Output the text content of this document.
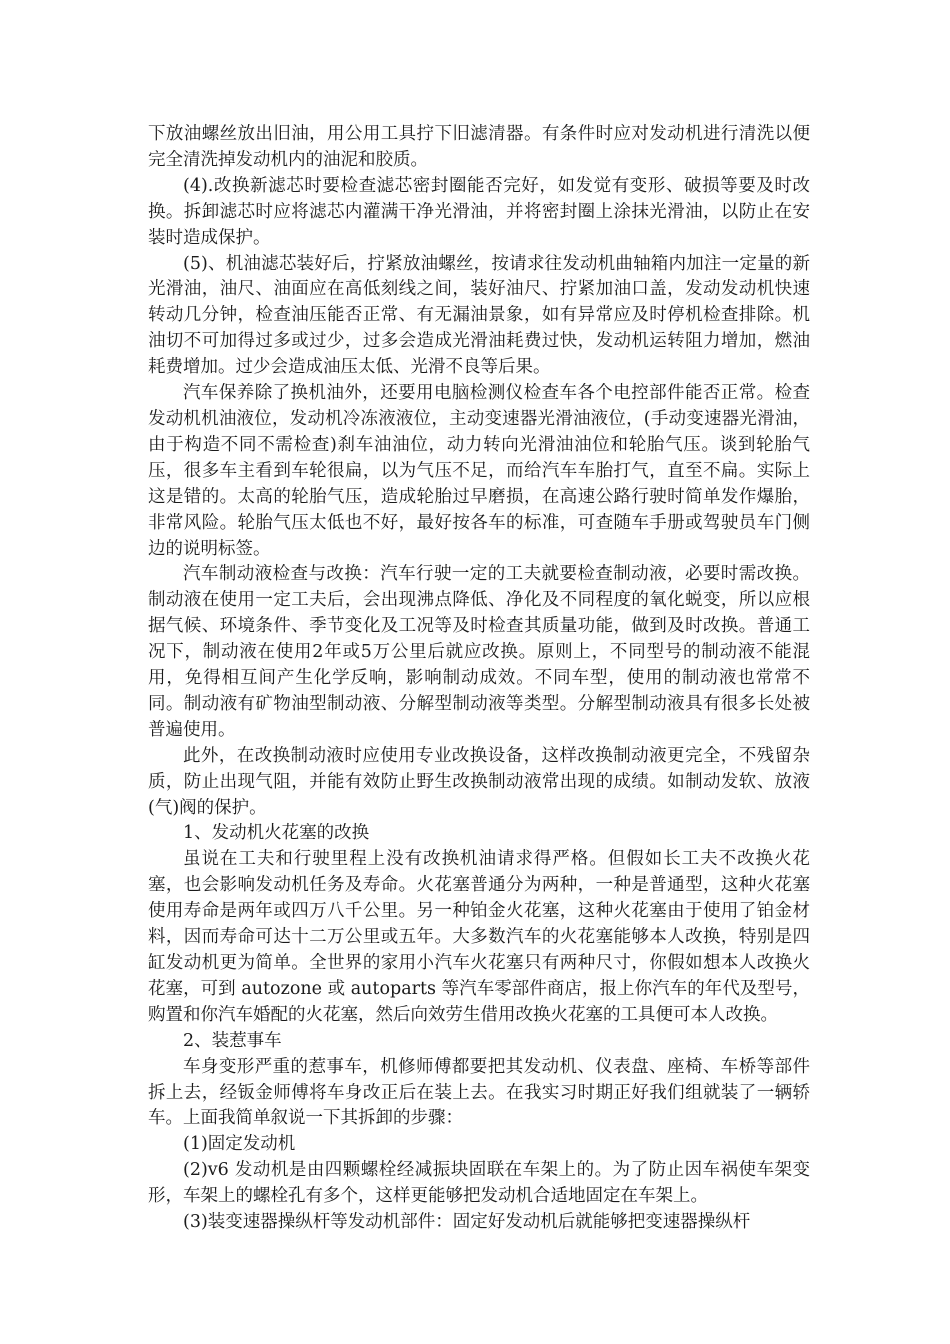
下放油螺丝放出旧油，用公用工具拧下旧滤清器。有条件时应对发动机进行清洗以便完全清洗掉发动机内的油泥和胶质。

(4).改换新滤芯时要检查滤芯密封圈能否完好，如发觉有变形、破损等要及时改换。拆卸滤芯时应将滤芯内灌满干净光滑油，并将密封圈上涂抹光滑油，以防止在安装时造成保护。

(5)、机油滤芯装好后，拧紧放油螺丝，按请求往发动机曲轴箱内加注一定量的新光滑油，油尺、油面应在高低刻线之间，装好油尺、拧紧加油口盖，发动发动机快速转动几分钟，检查油压能否正常、有无漏油景象，如有异常应及时停机检查排除。机油切不可加得过多或过少，过多会造成光滑油耗费过快，发动机运转阻力增加，燃油耗费增加。过少会造成油压太低、光滑不良等后果。

汽车保养除了换机油外，还要用电脑检测仪检查车各个电控部件能否正常。检查发动机机油液位，发动机冷冻液液位，主动变速器光滑油液位，(手动变速器光滑油，由于构造不同不需检查)刹车油油位，动力转向光滑油油位和轮胎气压。谈到轮胎气压，很多车主看到车轮很扁，以为气压不足，而给汽车车胎打气，直至不扁。实际上这是错的。太高的轮胎气压，造成轮胎过早磨损，在高速公路行驶时简单发作爆胎，非常风险。轮胎气压太低也不好，最好按各车的标准，可查随车手册或驾驶员车门侧边的说明标签。

汽车制动液检查与改换：汽车行驶一定的工夫就要检查制动液，必要时需改换。制动液在使用一定工夫后，会出现沸点降低、净化及不同程度的氧化蜕变，所以应根据气候、环境条件、季节变化及工况等及时检查其质量功能，做到及时改换。普通工况下，制动液在使用2年或5万公里后就应改换。原则上，不同型号的制动液不能混用，免得相互间产生化学反响，影响制动成效。不同车型，使用的制动液也常常不同。制动液有矿物油型制动液、分解型制动液等类型。分解型制动液具有很多长处被普遍使用。

此外，在改换制动液时应使用专业改换设备，这样改换制动液更完全，不残留杂质，防止出现气阻，并能有效防止野生改换制动液常出现的成绩。如制动发软、放液(气)阀的保护。

1、发动机火花塞的改换

虽说在工夫和行驶里程上没有改换机油请求得严格。但假如长工夫不改换火花塞，也会影响发动机任务及寿命。火花塞普通分为两种，一种是普通型，这种火花塞使用寿命是两年或四万八千公里。另一种铂金火花塞，这种火花塞由于使用了铂金材料，因而寿命可达十二万公里或五年。大多数汽车的火花塞能够本人改换，特别是四缸发动机更为简单。全世界的家用小汽车火花塞只有两种尺寸，你假如想本人改换火花塞，可到 autozone 或 autoparts 等汽车零部件商店，报上你汽车的年代及型号，购置和你汽车婚配的火花塞，然后向效劳生借用改换火花塞的工具便可本人改换。

2、装惹事车

车身变形严重的惹事车，机修师傅都要把其发动机、仪表盘、座椅、车桥等部件拆上去，经钣金师傅将车身改正后在装上去。在我实习时期正好我们组就装了一辆轿车。上面我简单叙说一下其拆卸的步骤：

(1)固定发动机

(2)v6 发动机是由四颗螺栓经减振块固联在车架上的。为了防止因车祸使车架变形，车架上的螺栓孔有多个，这样更能够把发动机合适地固定在车架上。

(3)装变速器操纵杆等发动机部件：固定好发动机后就能够把变速器操纵杆
